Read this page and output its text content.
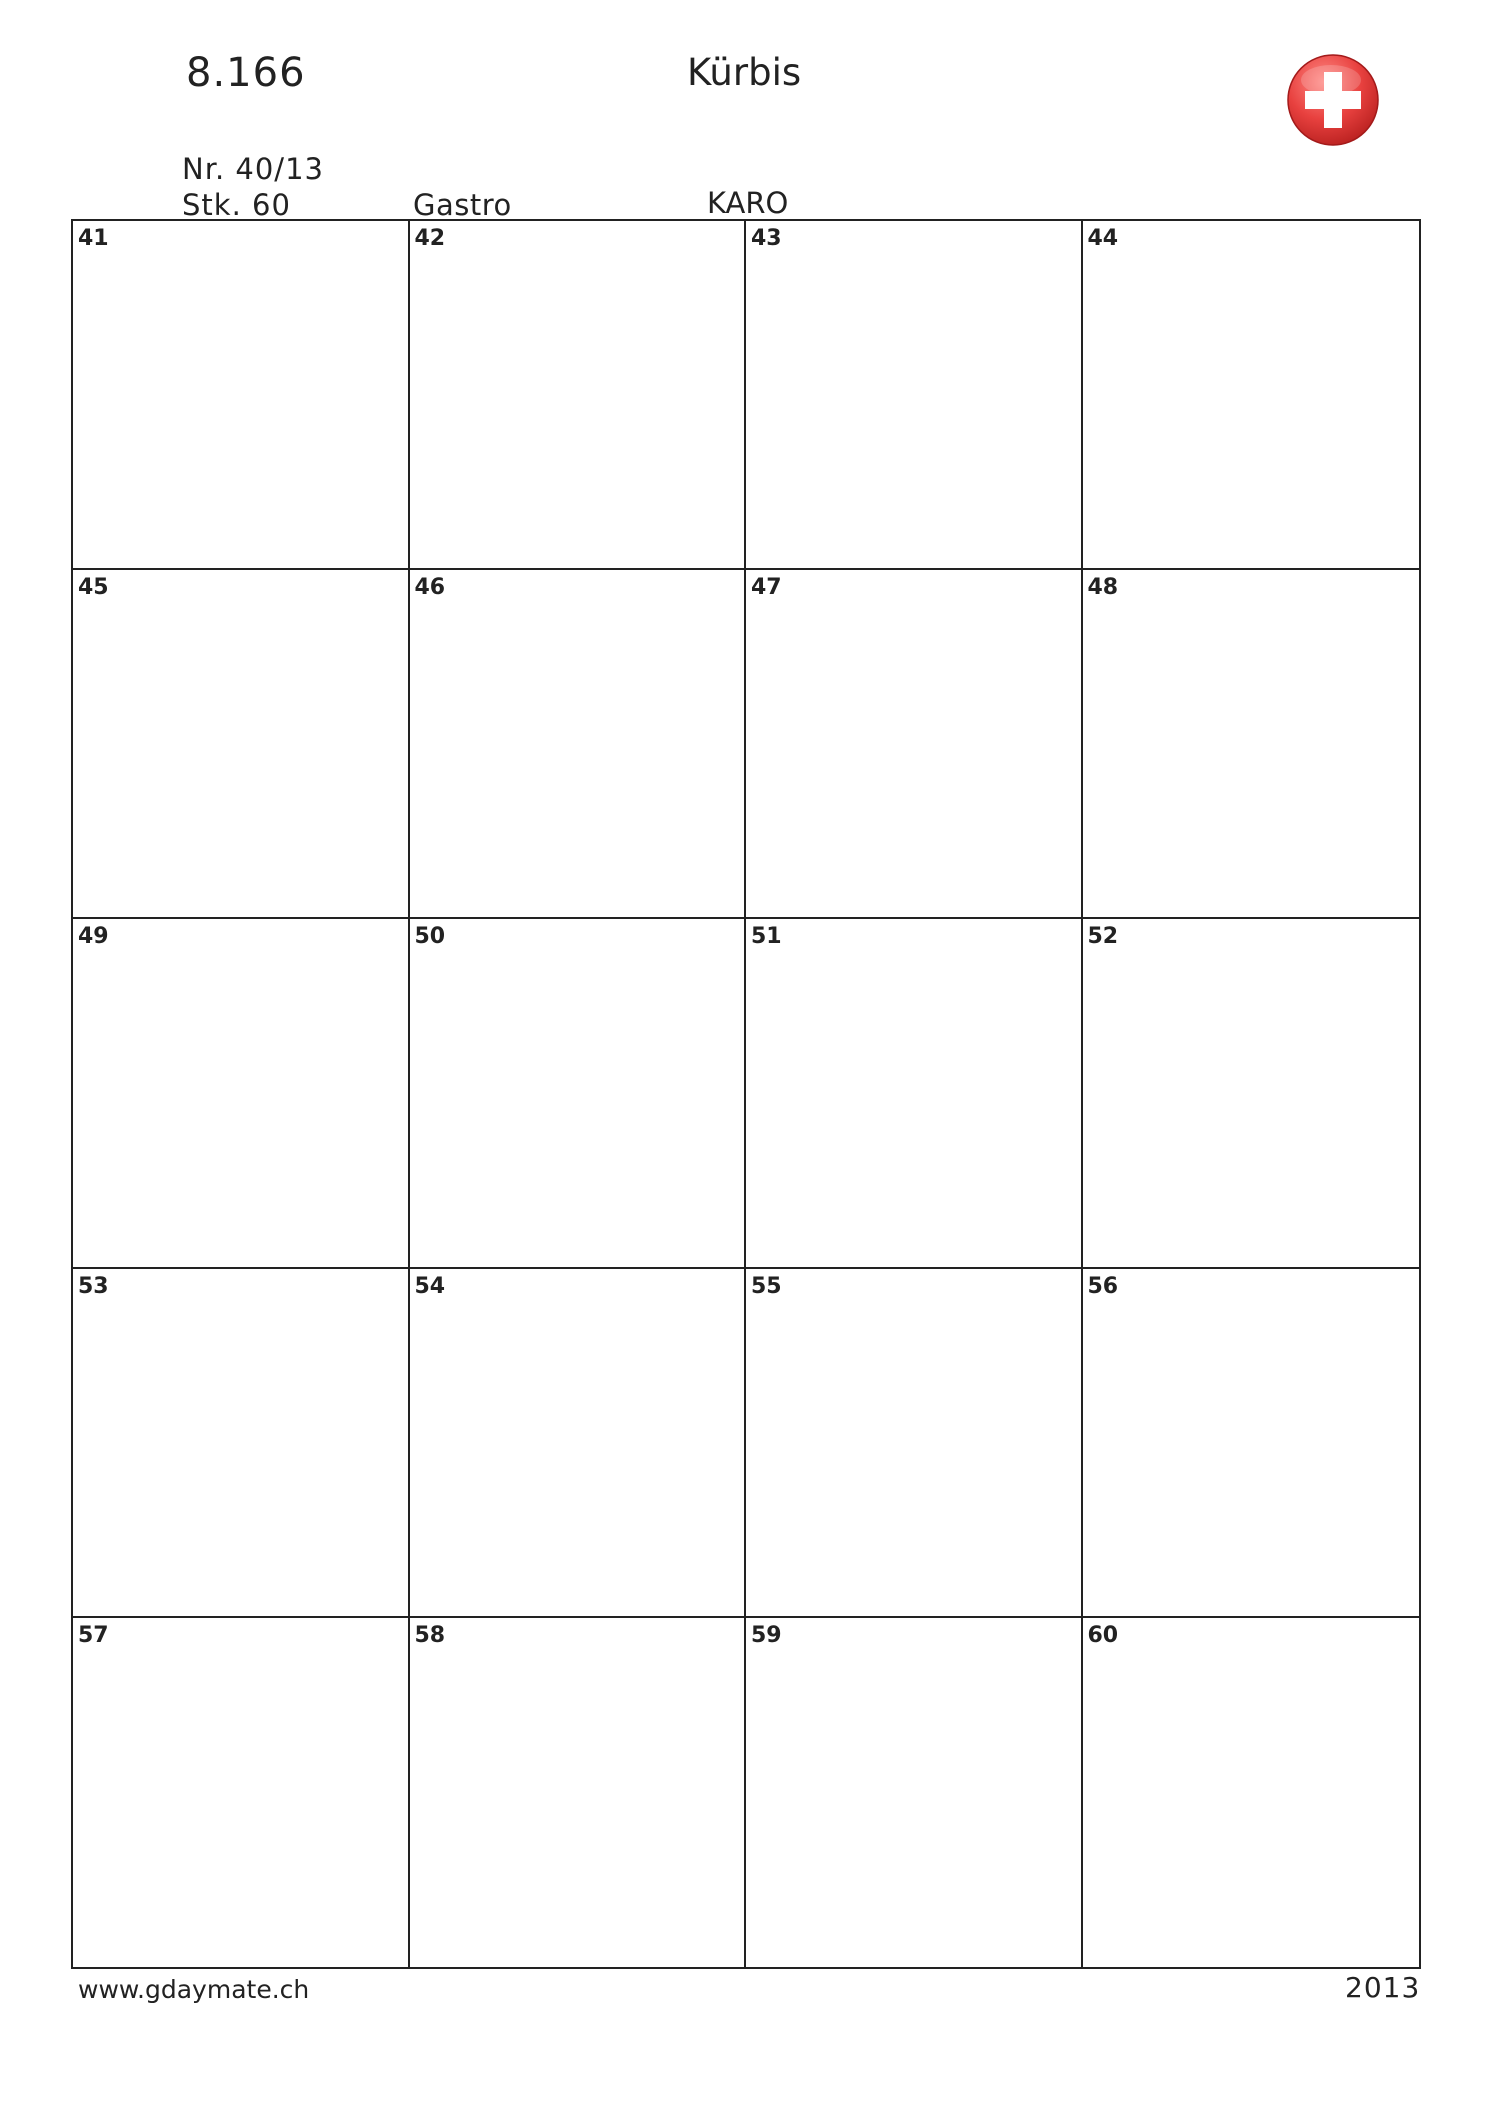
8.166	Kürbis
Nr. 40/13
Stk. 60	Gastro	KARO
41	42	43	44
45	46	47	48
49	50	51	52
53	54	55	56
57	58	59	60
www.gdaymate.ch	2013
